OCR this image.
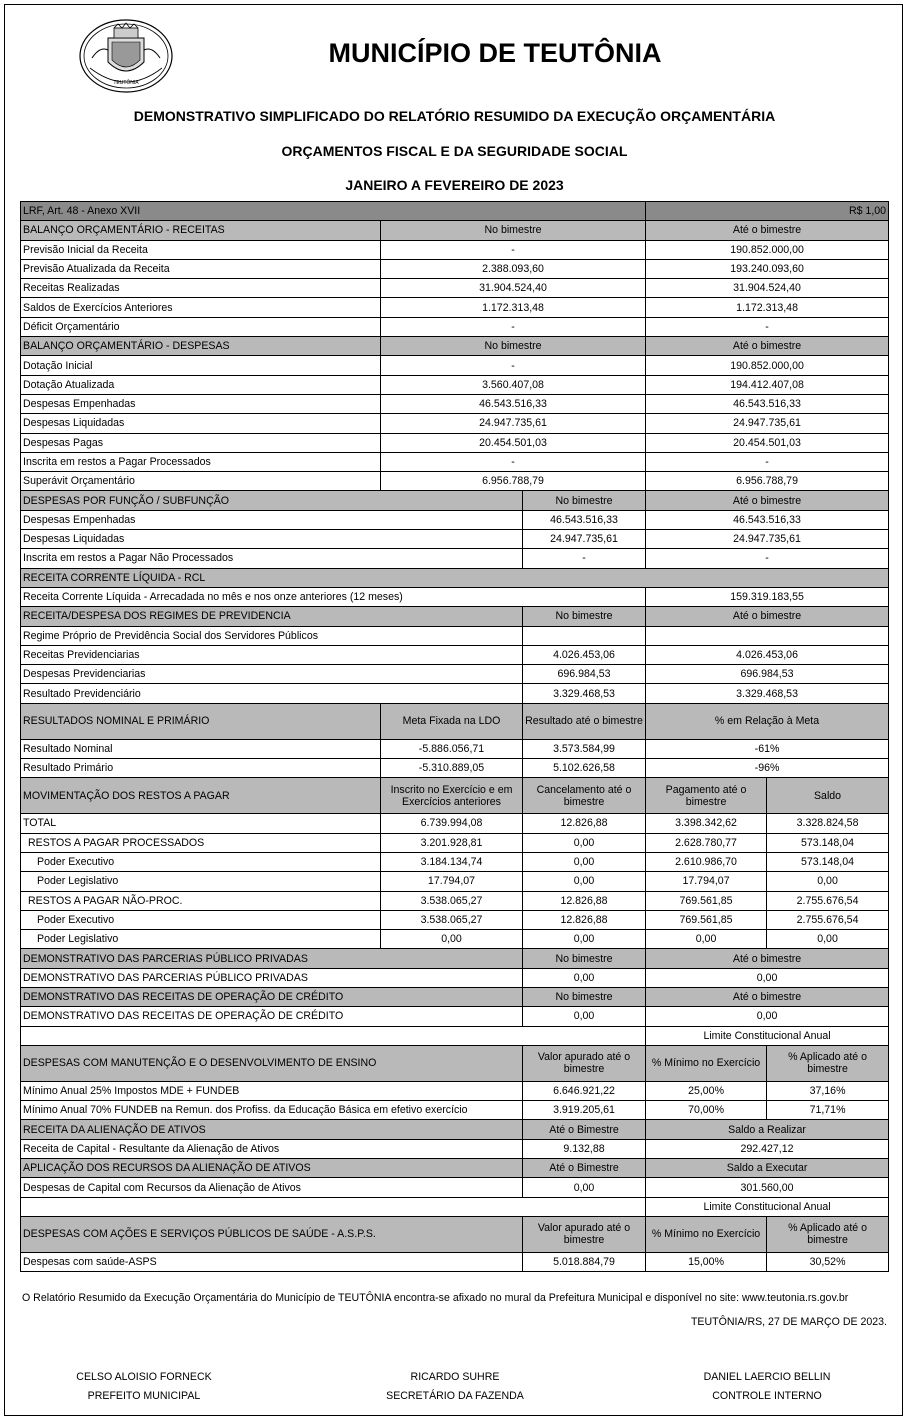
TEUTÔNIA
MUNICÍPIO DE TEUTÔNIA
DEMONSTRATIVO SIMPLIFICADO DO RELATÓRIO RESUMIDO DA EXECUÇÃO ORÇAMENTÁRIA
ORÇAMENTOS FISCAL E DA SEGURIDADE SOCIAL
JANEIRO A FEVEREIRO DE 2023
LRF, Art. 48 - Anexo XVII			R$ 1,00	
BALANÇO ORÇAMENTÁRIO - RECEITAS	No bimestre		Até o bimestre	
Previsão Inicial da Receita	-		190.852.000,00	
Previsão Atualizada da Receita	2.388.093,60		193.240.093,60	
Receitas Realizadas	31.904.524,40		31.904.524,40	
Saldos de Exercícios Anteriores	1.172.313,48		1.172.313,48	
Déficit Orçamentário	-		-	
BALANÇO ORÇAMENTÁRIO - DESPESAS	No bimestre		Até o bimestre	
Dotação Inicial	-		190.852.000,00	
Dotação Atualizada	3.560.407,08		194.412.407,08	
Despesas Empenhadas	46.543.516,33		46.543.516,33	
Despesas Liquidadas	24.947.735,61		24.947.735,61	
Despesas Pagas	20.454.501,03		20.454.501,03	
Inscrita em restos a Pagar Processados	-		-	
Superávit Orçamentário	6.956.788,79		6.956.788,79	
DESPESAS POR FUNÇÃO / SUBFUNÇÃO		No bimestre	Até o bimestre	
Despesas Empenhadas		46.543.516,33	46.543.516,33	
Despesas Liquidadas		24.947.735,61	24.947.735,61	
Inscrita em restos a Pagar Não Processados		-	-	
RECEITA CORRENTE LÍQUIDA - RCL				
Receita Corrente Líquida - Arrecadada no mês e nos onze anteriores (12 meses)			159.319.183,55	
RECEITA/DESPESA DOS REGIMES DE PREVIDENCIA		No bimestre	Até o bimestre	
Regime Próprio de Previdência Social dos Servidores Públicos				
Receitas Previdenciarias		4.026.453,06	4.026.453,06	
Despesas Previdenciarias		696.984,53	696.984,53	
Resultado Previdenciário		3.329.468,53	3.329.468,53	
RESULTADOS NOMINAL E PRIMÁRIO	Meta Fixada na LDO	Resultado até o bimestre	% em Relação à Meta	
Resultado Nominal	-5.886.056,71	3.573.584,99	-61%	
Resultado Primário	-5.310.889,05	5.102.626,58	-96%	
MOVIMENTAÇÃO DOS RESTOS A PAGAR	Inscrito no Exercício e em Exercícios anteriores	Cancelamento até o bimestre	Pagamento até o bimestre	Saldo
TOTAL	6.739.994,08	12.826,88	3.398.342,62	3.328.824,58
RESTOS A PAGAR PROCESSADOS	3.201.928,81	0,00	2.628.780,77	573.148,04
Poder Executivo	3.184.134,74	0,00	2.610.986,70	573.148,04
Poder Legislativo	17.794,07	0,00	17.794,07	0,00
RESTOS A PAGAR NÃO-PROC.	3.538.065,27	12.826,88	769.561,85	2.755.676,54
Poder Executivo	3.538.065,27	12.826,88	769.561,85	2.755.676,54
Poder Legislativo	0,00	0,00	0,00	0,00
DEMONSTRATIVO DAS PARCERIAS PÚBLICO PRIVADAS		No bimestre	Até o bimestre	
DEMONSTRATIVO DAS PARCERIAS PÚBLICO PRIVADAS		0,00	0,00	
DEMONSTRATIVO DAS RECEITAS DE OPERAÇÃO DE CRÉDITO		No bimestre	Até o bimestre	
DEMONSTRATIVO DAS RECEITAS DE OPERAÇÃO DE CRÉDITO		0,00	0,00	
			Limite Constitucional Anual	
DESPESAS COM MANUTENÇÃO E O DESENVOLVIMENTO DE ENSINO		Valor apurado até o bimestre	% Mínimo no Exercício	% Aplicado até o bimestre
Mínimo Anual 25% Impostos MDE + FUNDEB		6.646.921,22	25,00%	37,16%
Mínimo Anual 70% FUNDEB na Remun. dos Profiss. da Educação Básica em efetivo exercício		3.919.205,61	70,00%	71,71%
RECEITA DA ALIENAÇÃO DE ATIVOS		Até o Bimestre	Saldo a Realizar	
Receita de Capital - Resultante da Alienação de Ativos		9.132,88	292.427,12	
APLICAÇÃO DOS RECURSOS DA ALIENAÇÃO DE ATIVOS		Até o Bimestre	Saldo a Executar	
Despesas de Capital com Recursos da Alienação de Ativos		0,00	301.560,00	
			Limite Constitucional Anual	
DESPESAS COM AÇÕES E SERVIÇOS PÚBLICOS DE SAÚDE - A.S.P.S.		Valor apurado até o bimestre	% Mínimo no Exercício	% Aplicado até o bimestre
Despesas com saúde-ASPS		5.018.884,79	15,00%	30,52%
O Relatório Resumido da Execução Orçamentária do Município de TEUTÔNIA encontra-se afixado no mural da Prefeitura Municipal e disponível no site: www.teutonia.rs.gov.br
TEUTÔNIA/RS, 27 DE MARÇO DE 2023.
CELSO ALOISIO FORNECK
PREFEITO MUNICIPAL
RICARDO SUHRE
SECRETÁRIO DA FAZENDA
DANIEL LAERCIO BELLIN
CONTROLE INTERNO
